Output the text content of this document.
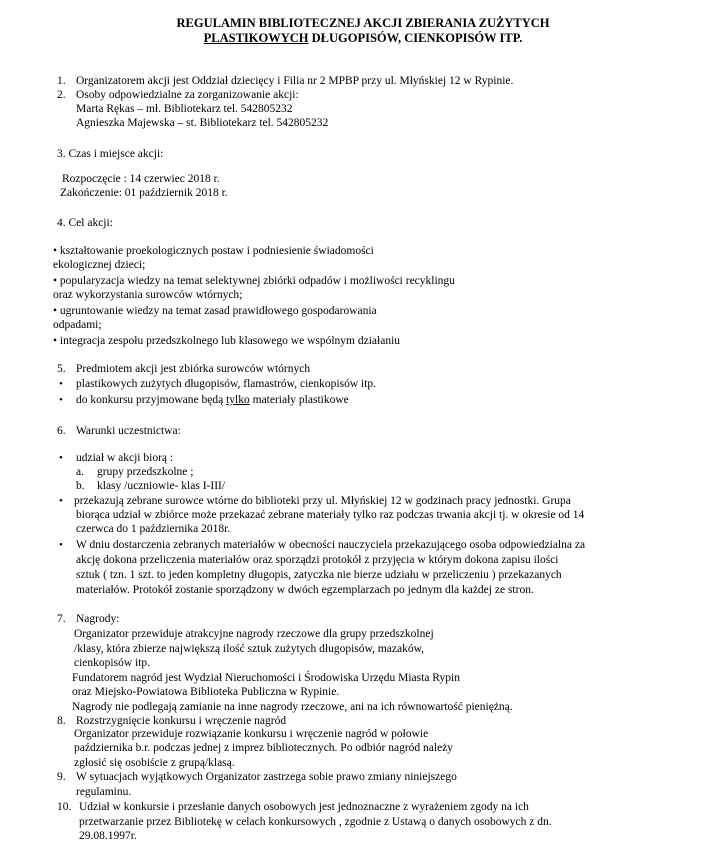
REGULAMIN BIBLIOTECZNEJ AKCJI ZBIERANIA ZUŻYTYCH
PLASTIKOWYCH DŁUGOPISÓW, CIENKOPISÓW ITP.
1. Organizatorem akcji jest Oddział dziecięcy i Filia nr 2 MPBP przy ul. Młyńskiej 12 w Rypinie.
2. Osoby odpowiedzialne za zorganizowanie akcji:
Marta Rękas – mł. Bibliotekarz tel. 542805232
Agnieszka Majewska – st. Bibliotekarz tel. 542805232
3. Czas i miejsce akcji:
Rozpoczęcie : 14 czerwiec 2018 r.
Zakończenie: 01 październik 2018 r.
4. Cel akcji:
• kształtowanie proekologicznych postaw i podniesienie świadomości
ekologicznej dzieci;
• popularyzacja wiedzy na temat selektywnej zbiórki odpadów i możliwości recyklingu
oraz wykorzystania surowców wtórnych;
• ugruntowanie wiedzy na temat zasad prawidłowego gospodarowania
odpadami;
• integracja zespołu przedszkolnego lub klasowego we wspólnym działaniu
5. Predmiotem akcji jest zbiórka surowców wtórnych
• plastikowych zużytych długopisów, flamastrów, cienkopisów itp.
• do konkursu przyjmowane będą tylko materiały plastikowe
6. Warunki uczestnictwa:
• udział w akcji biorą :
a. grupy przedszkolne ;
b. klasy /uczniowie- klas I-III/
• przekazują zebrane surowce wtórne do biblioteki przy ul. Młyńskiej 12 w godzinach pracy jednostki. Grupa
biorąca udział w zbiórce może przekazać zebrane materiały tylko raz podczas trwania akcji tj. w okresie od 14
czerwca do 1 października 2018r.
• W dniu dostarczenia zebranych materiałów w obecności nauczyciela przekazującego osoba odpowiedzialna za
akcję dokona przeliczenia materiałów oraz sporządzi protokół z przyjęcia w którym dokona zapisu ilości
sztuk ( tzn. 1 szt. to jeden kompletny długopis, zatyczka nie bierze udziału w przeliczeniu ) przekazanych
materiałów. Protokół zostanie sporządzony w dwóch egzemplarzach po jednym dla każdej ze stron.
7. Nagrody:
Organizator przewiduje atrakcyjne nagrody rzeczowe dla grupy przedszkolnej
/klasy, która zbierze największą ilość sztuk zużytych długopisów, mazaków,
cienkopisów itp.
Fundatorem nagród jest Wydział Nieruchomości i Środowiska Urzędu Miasta Rypin
oraz Miejsko-Powiatowa Biblioteka Publiczna w Rypinie.
Nagrody nie podlegają zamianie na inne nagrody rzeczowe, ani na ich równowartość pieniężną.
8. Rozstrzygnięcie konkursu i wręczenie nagród
Organizator przewiduje rozwiązanie konkursu i wręczenie nagród w połowie
października b.r. podczas jednej z imprez bibliotecznych. Po odbiór nagród należy
zgłosić się osobiście z grupą/klasą.
9. W sytuacjach wyjątkowych Organizator zastrzega sobie prawo zmiany niniejszego
regulaminu.
10. Udział w konkursie i przesłanie danych osobowych jest jednoznaczne z wyrażeniem zgody na ich
przetwarzanie przez Bibliotekę w celach konkursowych , zgodnie z Ustawą o danych osobowych z dn.
29.08.1997r.
